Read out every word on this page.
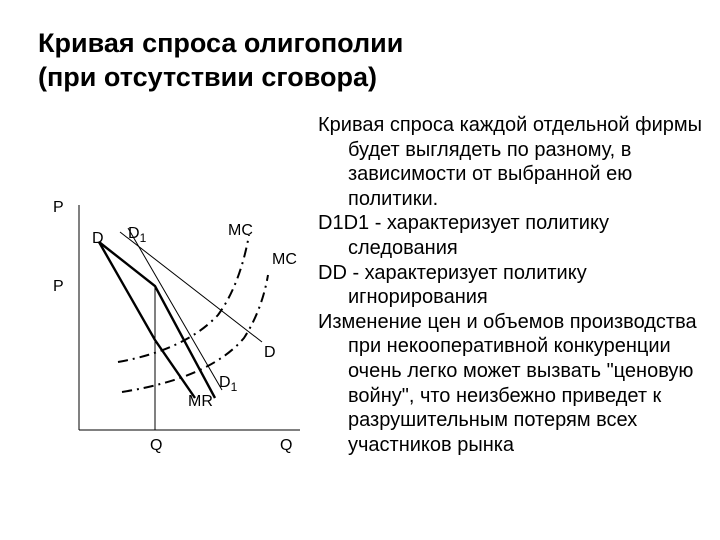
Кривая спроса олигополии
(при отсутствии сговора)
P
P
D $D_1$	MC
MC
D
$D_1$
MR
Q	Q

Кривая спроса каждой отдельной фирмы будет выглядеть по разному, в зависимости от выбранной ею политики.

D1D1 - характеризует политику следования

DD - характеризует политику игнорирования

Изменение цен и объемов производства при некооперативной конкуренции очень легко может вызвать "ценовую войну", что неизбежно приведет к разрушительным потерям всех участников рынка
